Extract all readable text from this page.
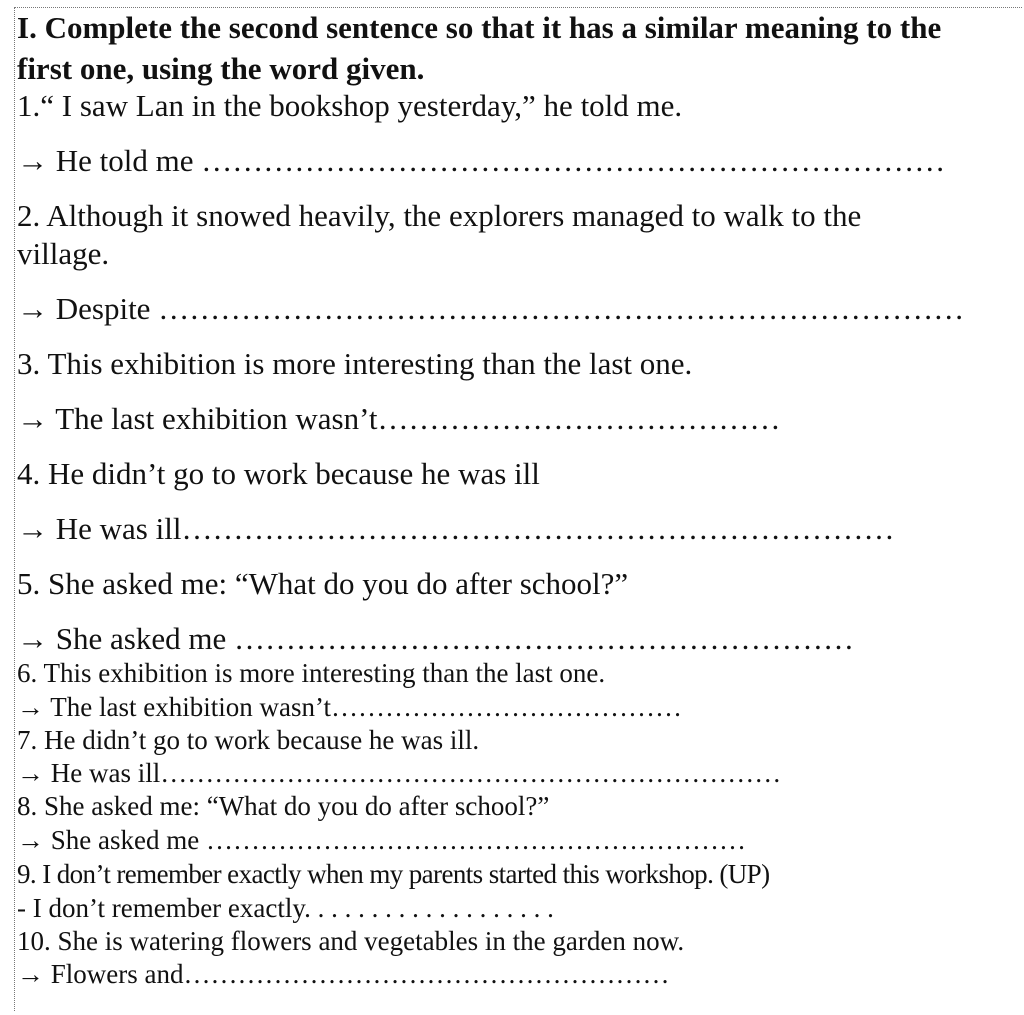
I. Complete the second sentence so that it has a similar meaning to the
first one, using the word given.
1.“ I saw Lan in the bookshop yesterday,” he told me.
→ He told me ………………………………………………………………
2. Although it snowed heavily, the explorers managed to walk to the
village.
→ Despite ……………………………………………………………………
3. This exhibition is more interesting than the last one.
→ The last exhibition wasn’t…………………………………
4. He didn’t go to work because he was ill
→ He was ill……………………………………………………………
5. She asked me: “What do you do after school?”
→ She asked me ……………………………………………………
6. This exhibition is more interesting than the last one.
→ The last exhibition wasn’t…………………………………
7. He didn’t go to work because he was ill.
→ He was ill……………………………………………………………
8. She asked me: “What do you do after school?”
→ She asked me ……………………………………………………
9. I don’t remember exactly when my parents started this workshop. (UP)
- I don’t remember exactly. . . . . . . . . . . . . . . . . . .
10. She is watering flowers and vegetables in the garden now.
→ Flowers and………………………………………………
